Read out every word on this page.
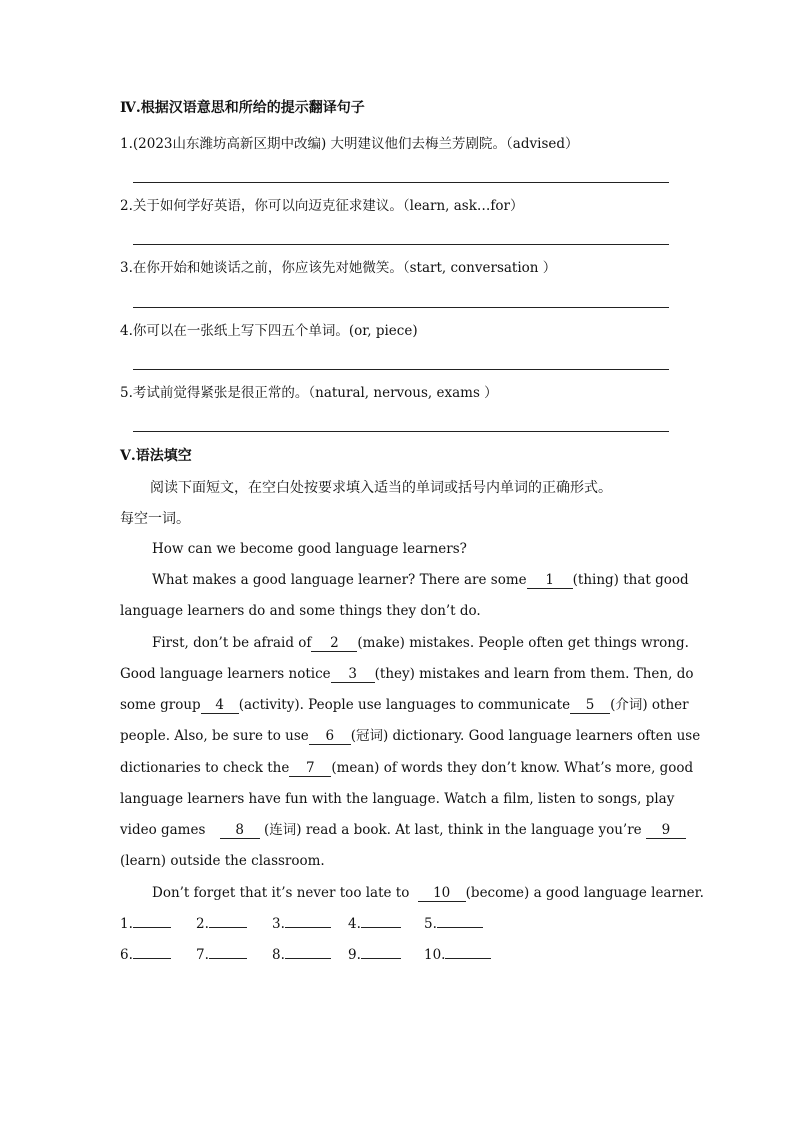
Ⅳ.根据汉语意思和所给的提示翻译句子
1.(2023山东潍坊高新区期中改编) 大明建议他们去梅兰芳剧院。（advised）
2.关于如何学好英语，你可以向迈克征求建议。（learn, ask…for）
3.在你开始和她谈话之前，你应该先对她微笑。（start, conversation ）
4.你可以在一张纸上写下四五个单词。(or, piece)
5.考试前觉得紧张是很正常的。（natural, nervous, exams ）
Ⅴ.语法填空
阅读下面短文，在空白处按要求填入适当的单词或括号内单词的正确形式。
每空一词。
How can we become good language learners?
What makes a good language learner? There are some	1 (thing) that good
language learners do and some things they don’t do.
First, don’t be afraid of 2	(make) mistakes. People often get things wrong.
Good language learners notice	3 (they) mistakes and learn from them. Then, do
some group	4 (activity). People use languages to communicate	5 (介词) other
people. Also, be sure to use 6 (冠词) dictionary. Good language learners often use
dictionaries to check the 7 (mean) of words they don’t know. What’s more, good
language learners have fun with the language. Watch a film, listen to songs, play
video games 8 (连词) read a book. At last, think in the language you’re 9
(learn) outside the classroom.
Don’t forget that it’s never too late to 10 (become) a good language learner.
1.	2.	3.	4.	5.
6.	7.	8.	9.	10.
